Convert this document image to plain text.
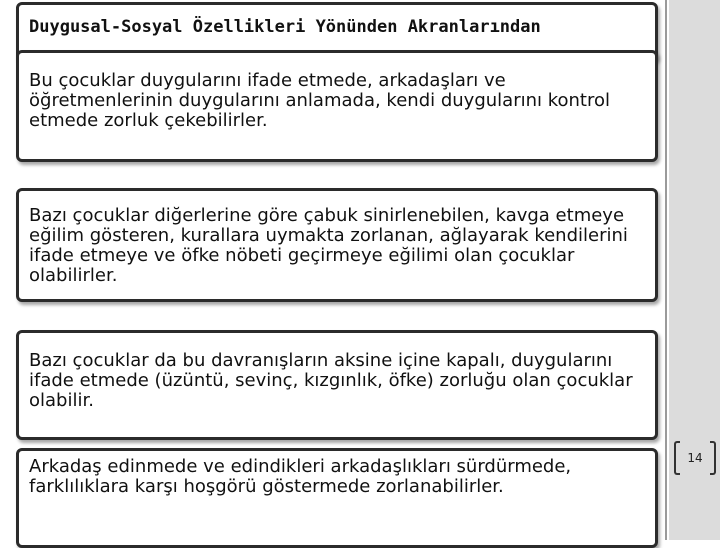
Duygusal-Sosyal Özellikleri Yönünden Akranlarından
Bu çocuklar duygularını ifade etmede, arkadaşları ve öğretmenlerinin duygularını anlamada, kendi duygularını kontrol etmede zorluk çekebilirler.
Bazı çocuklar diğerlerine göre çabuk sinirlenebilen, kavga etmeye eğilim gösteren, kurallara uymakta zorlanan, ağlayarak kendilerini ifade etmeye ve öfke nöbeti geçirmeye eğilimi olan çocuklar olabilirler.
Bazı çocuklar da bu davranışların aksine içine kapalı, duygularını ifade etmede (üzüntü, sevinç, kızgınlık, öfke) zorluğu olan çocuklar olabilir.
Arkadaş edinmede ve edindikleri arkadaşlıkları sürdürmede, farklılıklara karşı hoşgörü göstermede zorlanabilirler.
14
